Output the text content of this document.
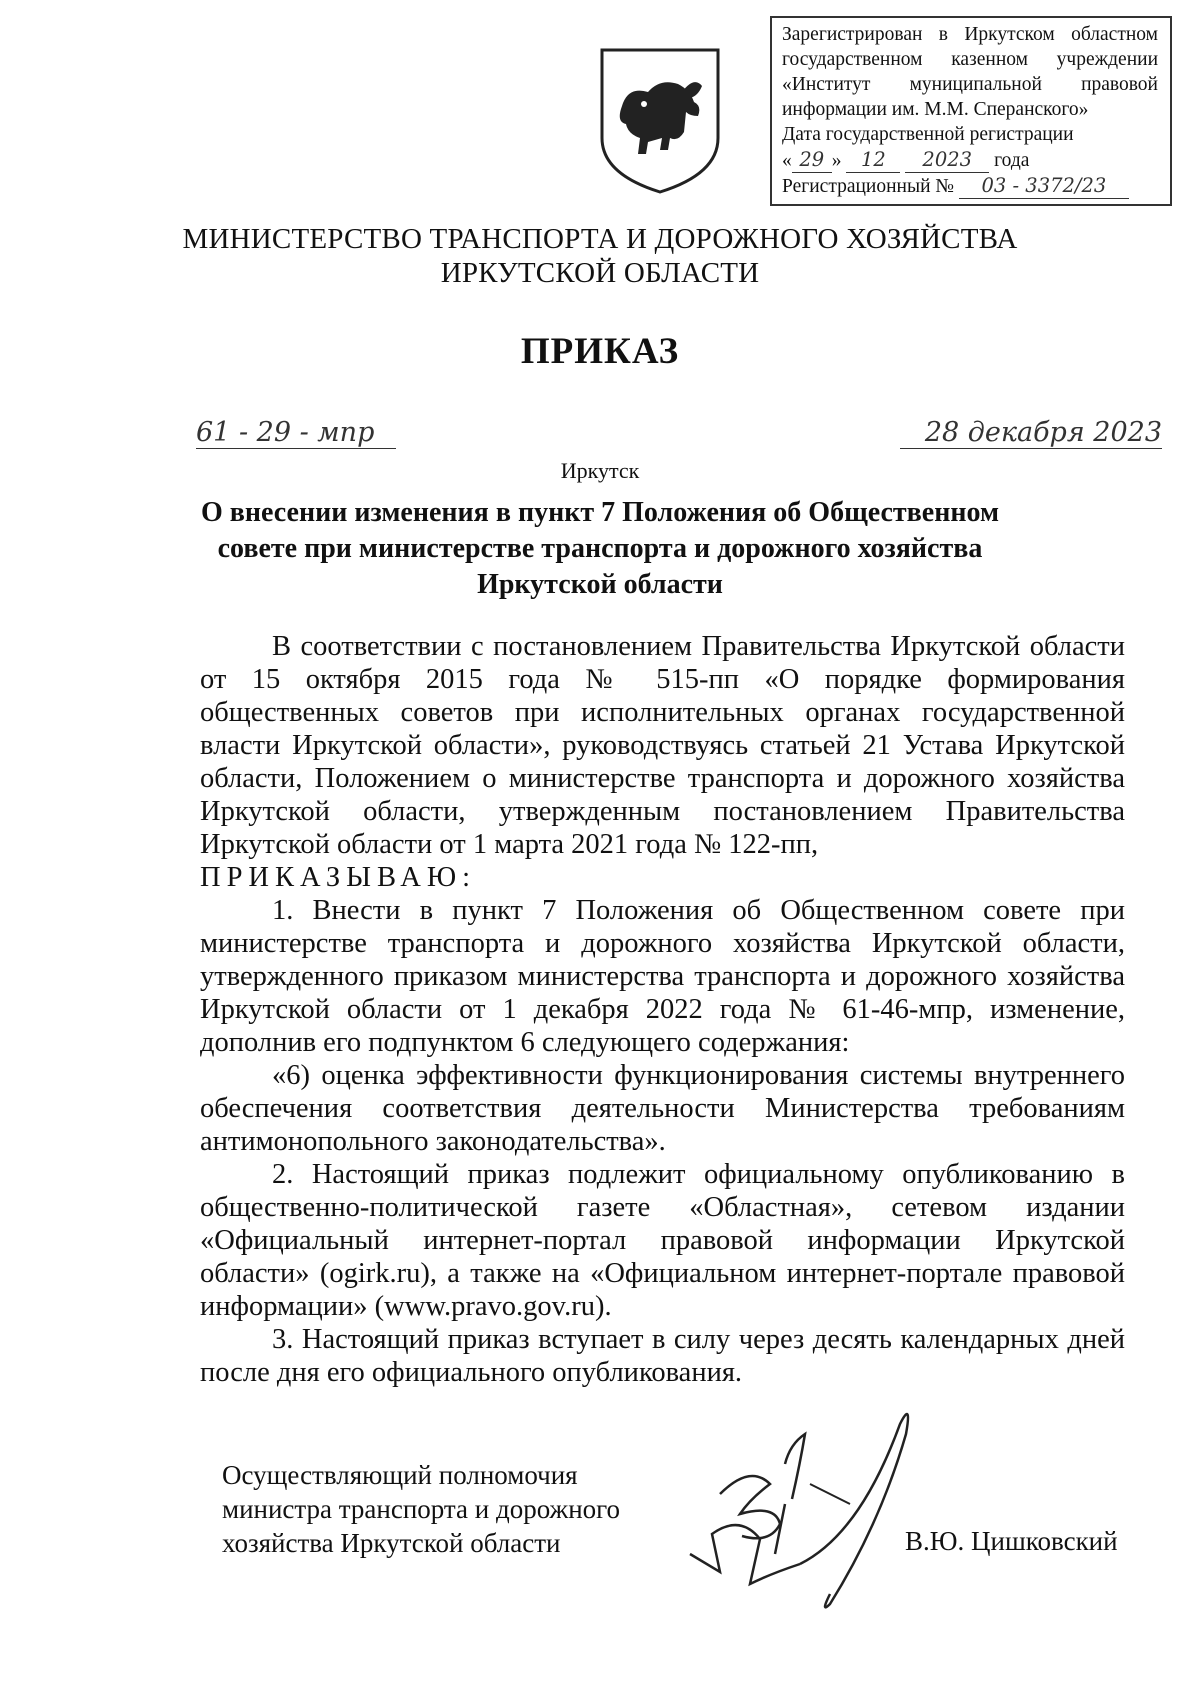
Зарегистрирован в Иркутском областном
государственном казенном учреждении
«Институт муниципальной правовой
информации им. М.М. Сперанского»
Дата государственной регистрации
« 29 » 12 2023 года
Регистрационный № 03 - 3372/23
МИНИСТЕРСТВО ТРАНСПОРТА И ДОРОЖНОГО ХОЗЯЙСТВА
ИРКУТСКОЙ ОБЛАСТИ
ПРИКАЗ
61 - 29 - мпр	28 декабря 2023
Иркутск
О внесении изменения в пункт 7 Положения об Общественном совете при министерстве транспорта и дорожного хозяйства Иркутской области

В соответствии с постановлением Правительства Иркутской области от 15 октября 2015 года № 515-пп «О порядке формирования общественных советов при исполнительных органах государственной власти Иркутской области», руководствуясь статьей 21 Устава Иркутской области, Положением о министерстве транспорта и дорожного хозяйства Иркутской области, утвержденным постановлением Правительства Иркутской области от 1 марта 2021 года № 122-пп,

ПРИКАЗЫВАЮ:

1. Внести в пункт 7 Положения об Общественном совете при министерстве транспорта и дорожного хозяйства Иркутской области, утвержденного приказом министерства транспорта и дорожного хозяйства Иркутской области от 1 декабря 2022 года № 61-46-мпр, изменение, дополнив его подпунктом 6 следующего содержания:

«6) оценка эффективности функционирования системы внутреннего обеспечения соответствия деятельности Министерства требованиям антимонопольного законодательства».

2. Настоящий приказ подлежит официальному опубликованию в общественно-политической газете «Областная», сетевом издании «Официальный интернет-портал правовой информации Иркутской области» (ogirk.ru), а также на «Официальном интернет-портале правовой информации» (www.pravo.gov.ru).

3. Настоящий приказ вступает в силу через десять календарных дней после дня его официального опубликования.

Осуществляющий полномочия
министра транспорта и дорожного
хозяйства Иркутской области	В.Ю. Цишковский
